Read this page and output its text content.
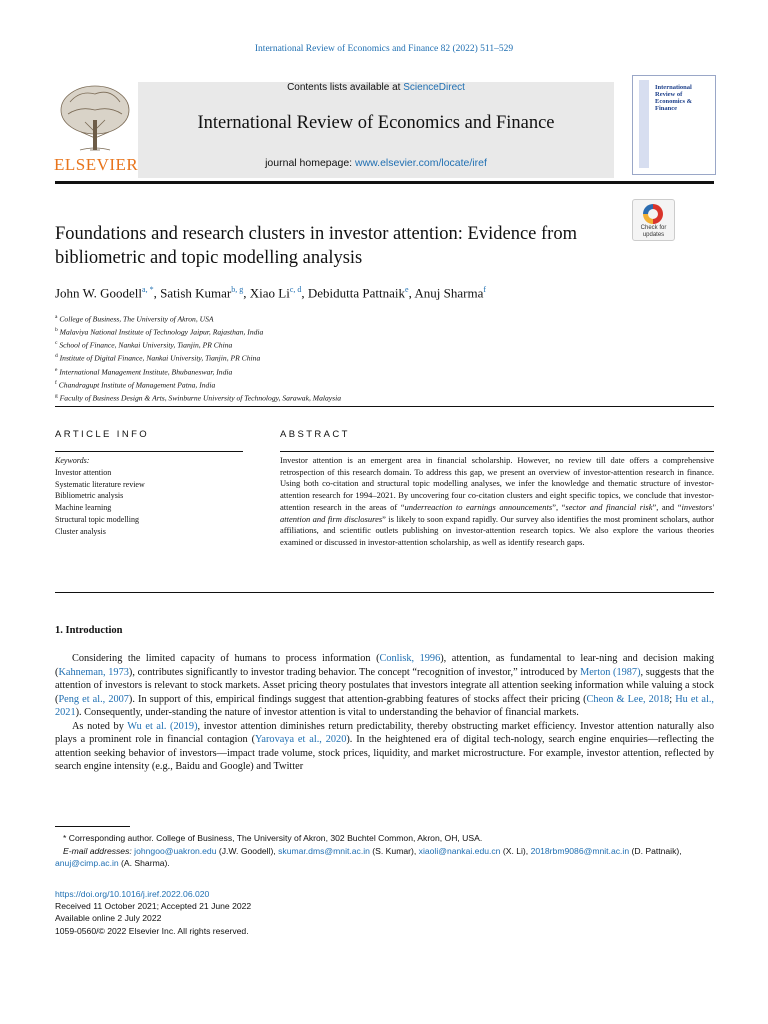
International Review of Economics and Finance 82 (2022) 511–529
ELSEVIER
Contents lists available at ScienceDirect
International Review of Economics and Finance
journal homepage: www.elsevier.com/locate/iref
International Review of Economics & Finance
Foundations and research clusters in investor attention: Evidence from bibliometric and topic modelling analysis
Check for updates
John W. Goodell$^{a, *}$, Satish Kumar$^{b, g}$, Xiao Li$^{c, d}$, Debidutta Pattnaik$^e$, Anuj Sharma$^f$
$^a$ College of Business, The University of Akron, USA
$^b$ Malaviya National Institute of Technology Jaipur, Rajasthan, India
$^c$ School of Finance, Nankai University, Tianjin, PR China
$^d$ Institute of Digital Finance, Nankai University, Tianjin, PR China
$^e$ International Management Institute, Bhubaneswar, India
$^f$ Chandragupt Institute of Management Patna, India
$^g$ Faculty of Business Design & Arts, Swinburne University of Technology, Sarawak, Malaysia
ARTICLE INFO	ABSTRACT
Keywords:
Investor attention
Systematic literature review
Bibliometric analysis
Machine learning
Structural topic modelling
Cluster analysis
Investor attention is an emergent area in financial scholarship. However, no review till date offers a comprehensive retrospection of this research domain. To address this gap, we present an overview of investor-attention research in finance. Using both co-citation and structural topic modelling analyses, we infer the knowledge and thematic structure of investor-attention research for 1994–2021. By uncovering four co-citation clusters and eight specific topics, we conclude that investor-attention research in the areas of “underreaction to earnings announcements”, “sector and financial risk”, and “investors' attention and firm disclosures” is likely to soon expand rapidly. Our survey also identifies the most prominent scholars, author affiliations, and scientific outlets publishing on investor-attention research topics. We also explore the various theories examined or discussed in investor-attention scholarship, as well as identify research gaps.
1. Introduction

Considering the limited capacity of humans to process information (Conlisk, 1996), attention, as fundamental to lear-ning and decision making (Kahneman, 1973), contributes significantly to investor trading behavior. The concept “recognition of investor,” introduced by Merton (1987), suggests that the attention of investors is relevant to stock markets. Asset pricing theory postulates that investors integrate all attention seeking information while valuing a stock (Peng et al., 2007). In support of this, empirical findings suggest that attention-grabbing features of stocks affect their pricing (Cheon & Lee, 2018; Hu et al., 2021). Consequently, under-standing the nature of investor attention is vital to understanding the behavior of financial markets.

As noted by Wu et al. (2019), investor attention diminishes return predictability, thereby obstructing market efficiency. Investor attention naturally also plays a prominent role in financial contagion (Yarovaya et al., 2020). In the heightened era of digital tech-nology, search engine enquiries—reflecting the attention seeking behavior of investors—impact trade volume, stock prices, liquidity, and market microstructure. For example, investor attention, reflected by search engine intensity (e.g., Baidu and Google) and Twitter

* Corresponding author. College of Business, The University of Akron, 302 Buchtel Common, Akron, OH, USA.
E-mail addresses: johngoo@uakron.edu (J.W. Goodell), skumar.dms@mnit.ac.in (S. Kumar), xiaoli@nankai.edu.cn (X. Li), 2018rbm9086@mnit.ac.in (D. Pattnaik), anuj@cimp.ac.in (A. Sharma).
https://doi.org/10.1016/j.iref.2022.06.020
Received 11 October 2021; Accepted 21 June 2022
Available online 2 July 2022
1059-0560/© 2022 Elsevier Inc. All rights reserved.
